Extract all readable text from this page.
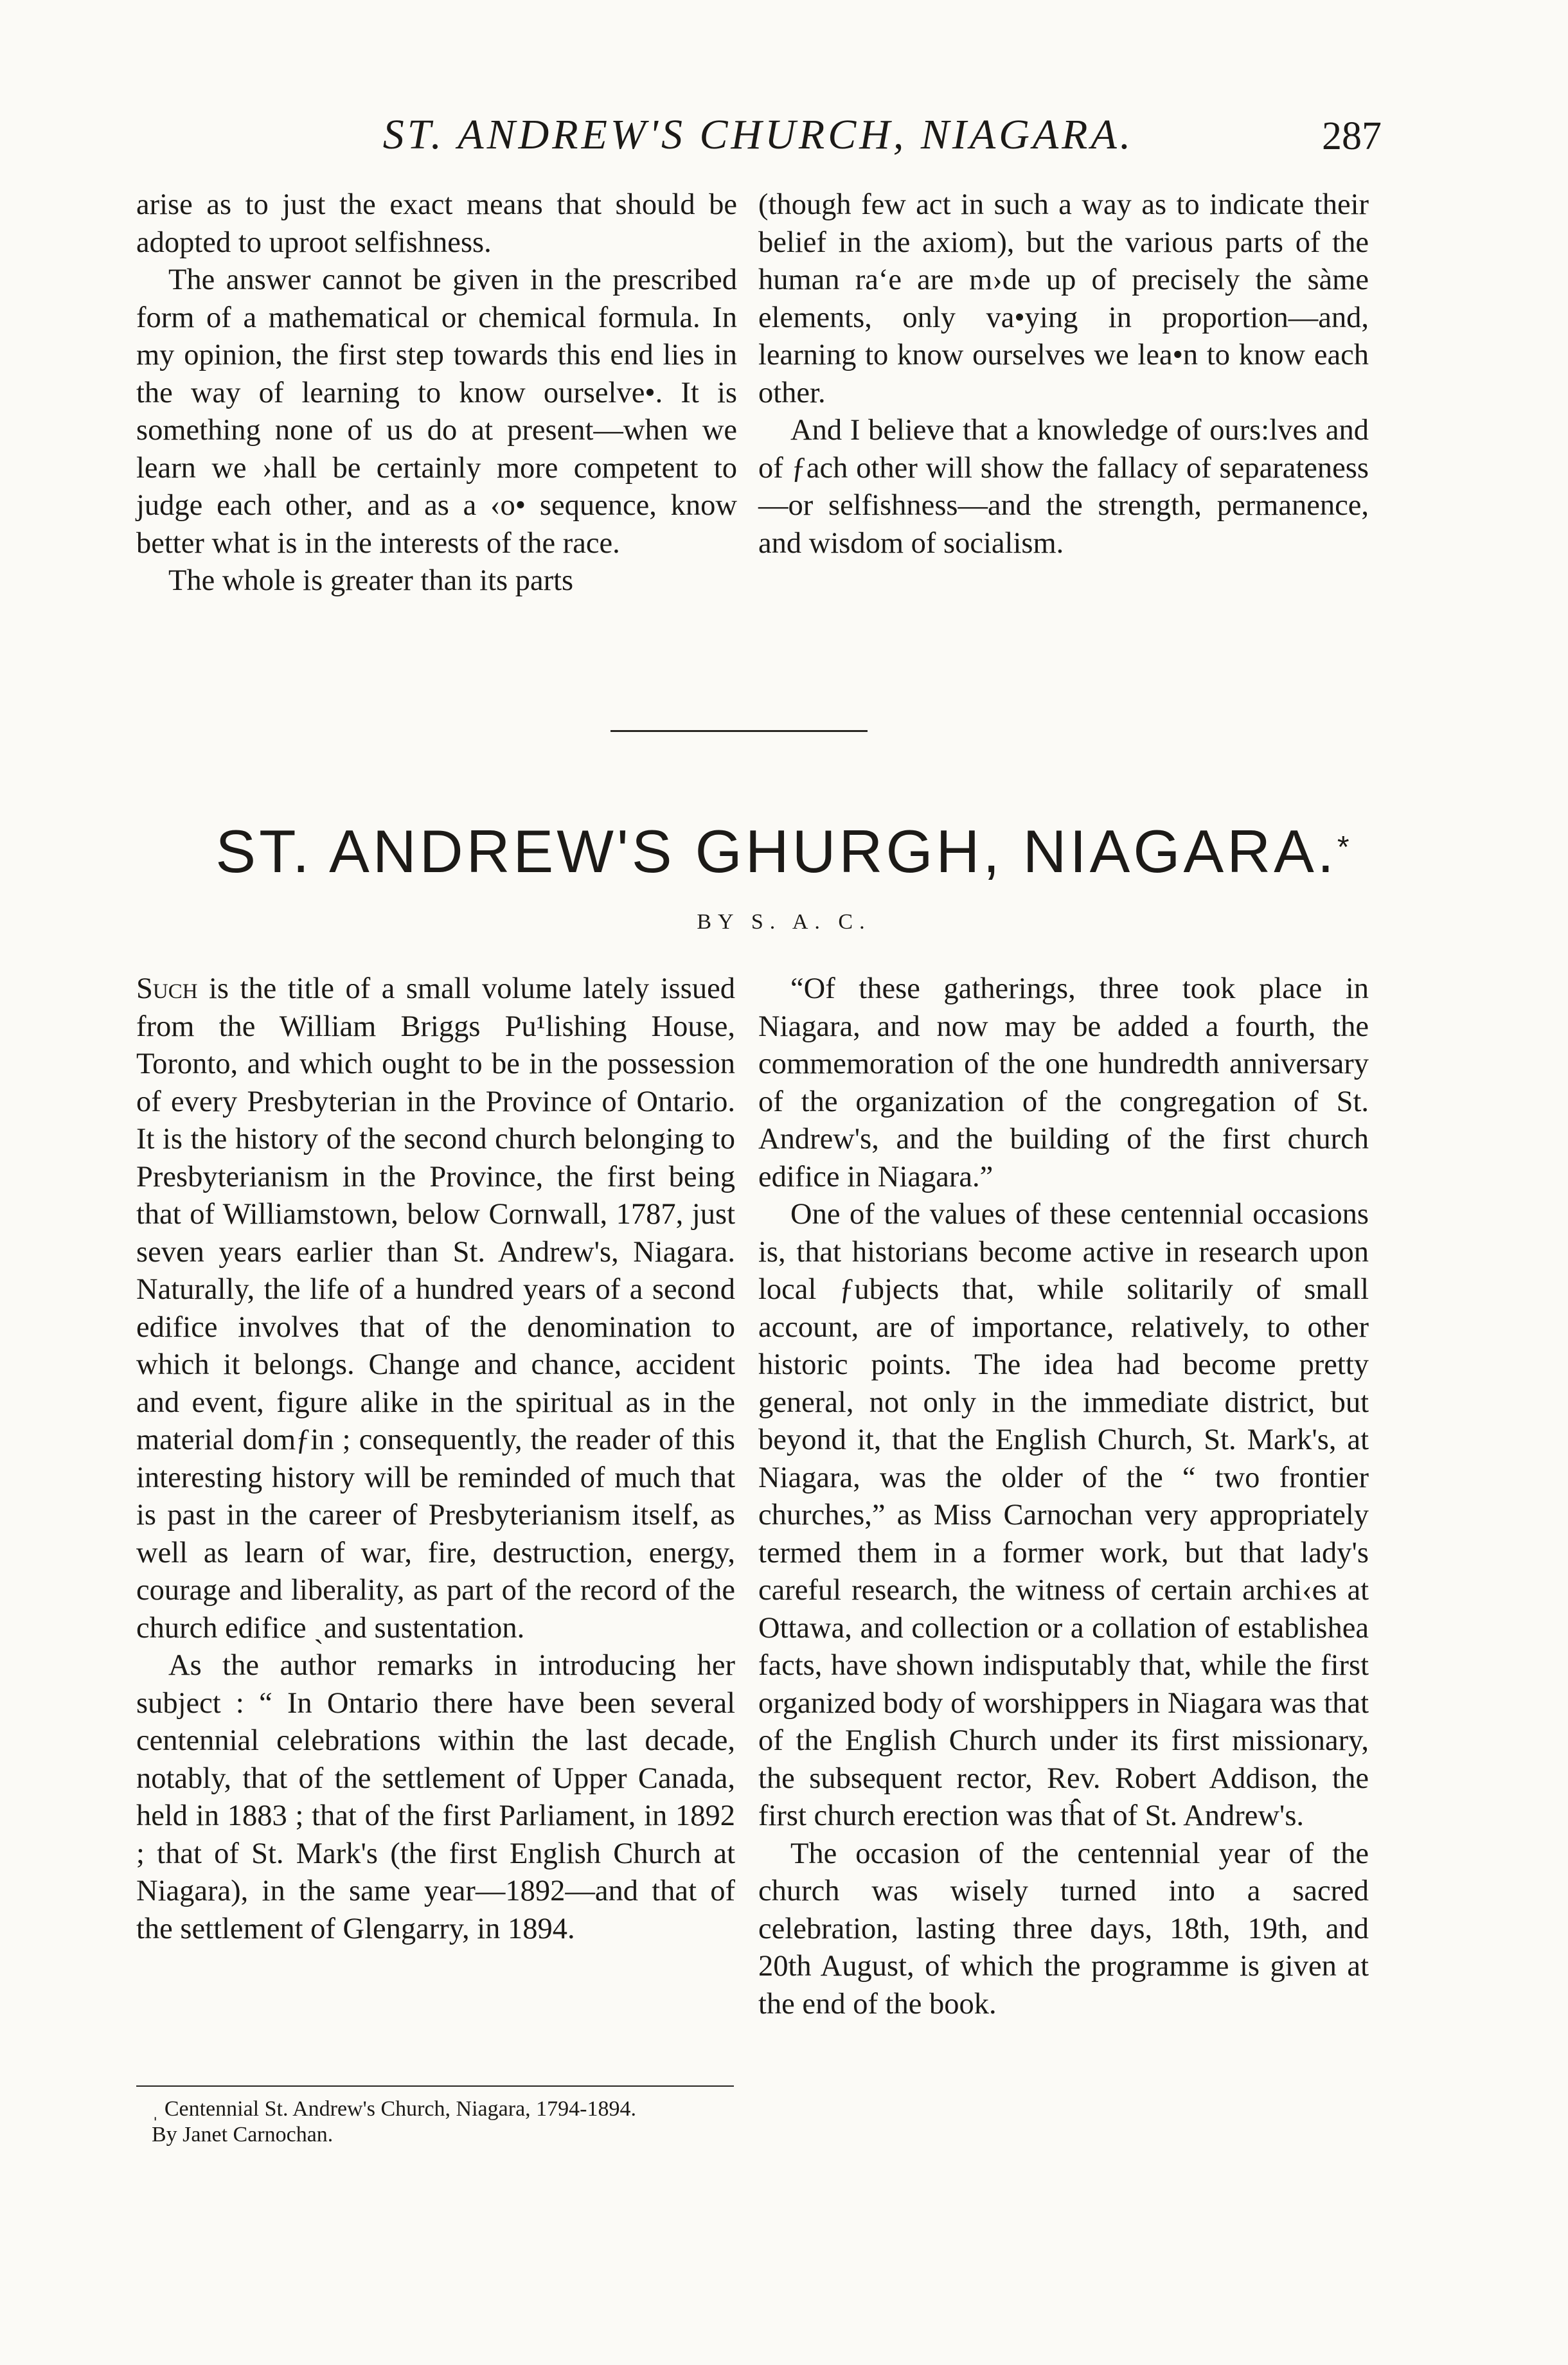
ST. ANDREW'S CHURCH, NIAGARA.	287

arise as to just the exact means that should be adopted to uproot selfishness.

The answer cannot be given in the prescribed form of a mathematical or chemical formula. In my opinion, the first step towards this end lies in the way of learning to know ourselve•. It is something none of us do at present—when we learn we ›hall be certainly more competent to judge each other, and as a ‹o• sequence, know better what is in the interests of the race.

The whole is greater than its parts

(though few act in such a way as to indicate their belief in the axiom), but the various parts of the human raʻe are m›de up of precisely the sàme elements, only va•ying in proportion—and, learning to know ourselves we lea•n to know each other.

And I believe that a knowledge of ours:lves and of ƒach other will show the fallacy of separateness—or selfishness—and the strength, permanence, and wisdom of socialism.

ST. ANDREW'S GHURGH, NIAGARA.*
BY S. A. C.

Such is the title of a small volume lately issued from the William Briggs Pu¹lishing House, Toronto, and which ought to be in the possession of every Presbyterian in the Province of Ontario. It is the history of the second church belonging to Presbyterianism in the Province, the first being that of Williamstown, below Cornwall, 1787, just seven years earlier than St. Andrew's, Niagara. Naturally, the life of a hundred years of a second edifice involves that of the denomination to which it belongs. Change and chance, accident and event, figure alike in the spiritual as in the material domƒin ; consequently, the reader of this interesting history will be reminded of much that is past in the career of Presbyterianism itself, as well as learn of war, fire, destruction, energy, courage and liberality, as part of the record of the church edifice ˏand sustentation.

As the author remarks in introducing her subject : “ In Ontario there have been several centennial celebrations within the last decade, notably, that of the settlement of Upper Canada, held in 1883 ; that of the first Parliament, in 1892 ; that of St. Mark's (the first English Church at Niagara), in the same year—1892—and that of the settlement of Glengarry, in 1894.

ˌ Centennial St. Andrew's Church, Niagara, 1794-1894.

By Janet Carnochan.

“Of these gatherings, three took place in Niagara, and now may be added a fourth, the commemoration of the one hundredth anniversary of the organization of the congregation of St. Andrew's, and the building of the first church edifice in Niagara.”

One of the values of these centennial occasions is, that historians become active in research upon local ƒubjects that, while solitarily of small account, are of importance, relatively, to other historic points. The idea had become pretty general, not only in the immediate district, but beyond it, that the English Church, St. Mark's, at Niagara, was the older of the “ two frontier churches,” as Miss Carnochan very appropriately termed them in a former work, but that lady's careful research, the witness of certain archi‹es at Ottawa, and collection or a collation of establishea facts, have shown indisputably that, while the first organized body of worshippers in Niagara was that of the English Church under its first missionary, the subsequent rector, Rev. Robert Addison, the first church erection was tĥat of St. Andrew's.

The occasion of the centennial year of the church was wisely turned into a sacred celebration, lasting three days, 18th, 19th, and 20th August, of which the programme is given at the end of the book.
